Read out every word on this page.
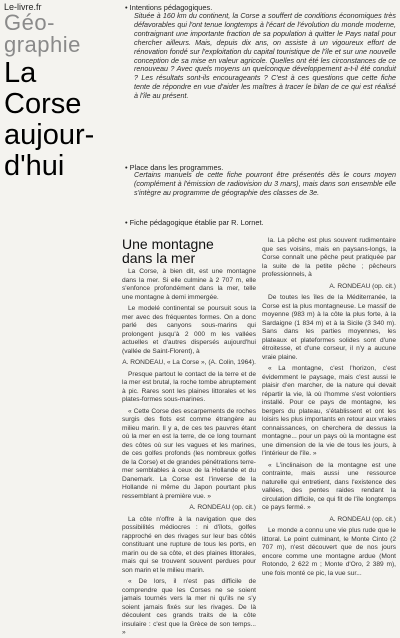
Le-livre.fr
Géo-
graphie
La
Corse
aujour-
d'hui
• Intentions pédagogiques.
Située à 160 km du continent, la Corse a souffert de conditions économiques très défavorables qui l'ont tenue longtemps à l'écart de l'évolution du monde moderne, contraignant une importante fraction de sa population à quitter le Pays natal pour chercher ailleurs. Mais, depuis dix ans, on assiste à un vigoureux effort de rénovation fondé sur l'exploitation du capital touristique de l'île et sur une nouvelle conception de sa mise en valeur agricole. Quelles ont été les circonstances de ce renouveau ? Avec quels moyens un quelconque développement a-t-il été conduit ? Les résultats sont-ils encourageants ? C'est à ces questions que cette fiche tente de répondre en vue d'aider les maîtres à tracer le bilan de ce qui est réalisé à l'île au présent.
• Place dans les programmes.
Certains manuels de cette fiche pourront être présentés dès le cours moyen (complément à l'émission de radiovision du 3 mars), mais dans son ensemble elle s'intègre au programme de géographie des classes de 3e.
• Fiche pédagogique établie par R. Lornet.
Une montagne
dans la mer

La Corse, à bien dit, est une montagne dans la mer. Si elle culmine à 2 707 m, elle s'enfonce profondément dans la mer, telle une montagne à demi immergée.

Le modelé continental se poursuit sous la mer avec des fréquentes formes. On a donc parlé des canyons sous-marins qui prolongent jusqu'à 2 000 m les vallées actuelles et d'autres dispersés aujourd'hui (vallée de Saint-Florent), à

A. RONDEAU, « La Corse », (A. Colin, 1964).

Presque partout le contact de la terre et de la mer est brutal, la roche tombe abruptement à pic. Rares sont les plaines littorales et les plates-formes sous-marines.

« Cette Corse des escarpements de roches surgis des flots est comme étrangère au milieu marin. Il y a, de ces tes pauvres étant où la mer en est la terre, de ce long tournant des côtes où sur les vagues et les marines, de ces golfes profonds (les nombreux golfes de la Corse) et de grandes pénétrations terre-mer semblables à ceux de la Hollande et du Danemark. La Corse est l'inverse de la Hollande ni même du Japon pourtant plus ressemblant à première vue. »

A. RONDEAU (op. cit.)

La côte n'offre à la navigation que des possibilités médiocres : ni d'îlots, golfes rapproché en des rivages sur leur bas côtés constituant une rupture de tous les ports, en marin ou de sa côte, et des plaines littorales, mais qui se trouvent souvent perdues pour son marin et le milieu marin.

« De lors, il n'est pas difficile de comprendre que les Corses ne se soient jamais tournés vers la mer ni qu'ils ne s'y soient jamais fixés sur les rivages. De là découlent ces grands traits de la côte insulaire : c'est que la Grèce de son temps... »

la. La pêche est plus souvent rudimentaire que ses voisins, mais en paysans-longs, la Corse connaît une pêche peut pratiquée par la suite de la petite pêche ; pêcheurs professionnels, à

A. RONDEAU (op. cit.)

De toutes les îles de la Méditerranée, la Corse est la plus montagneuse. Le massif de moyenne (983 m) à la côte la plus forte, à la Sardaigne (1 834 m) et à la Sicile (3 340 m). Sans dans les parties moyennes, les plateaux et plateformes solides sont d'une étroitesse, et d'une corseur, il n'y a aucune vraie plaine.

« La montagne, c'est l'horizon, c'est évidemment le paysage, mais c'est aussi le plaisir d'en marcher, de la nature qui devait répartir la vie, là où l'homme s'est volontiers installé. Pour ce pays de montagne, les bergers du plateau, s'établissent et ont les loisirs les plus importants en retour aux vraies connaissances, on cherchera de dessus la montagne... pour un pays où la montagne est une dimension de la vie de tous les jours, à l'intérieur de l'île. »

« L'inclinaison de la montagne est une contrainte, mais aussi une ressource naturelle qui entretient, dans l'existence des vallées, des pentes raides rendant la circulation difficile, ce qui fit de l'île longtemps ce pays fermé. »

A. RONDEAU (op. cit.)

Le monde a connu une vie plus rude que le littoral. Le point culminant, le Monte Cinto (2 707 m), n'est découvert que de nos jours encore comme une montagne ardue (Mont Rotondo, 2 622 m ; Monte d'Oro, 2 389 m), une fois monté ce pic, la vue sur...
